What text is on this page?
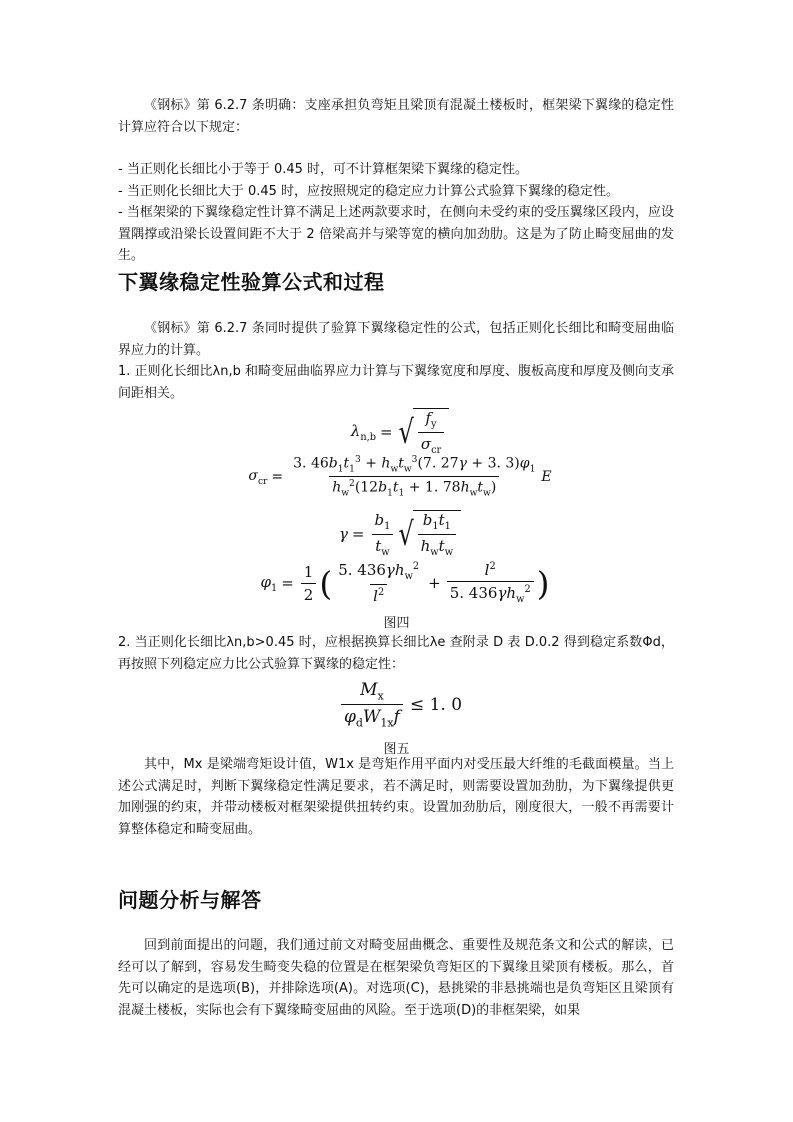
《钢标》第 6.2.7 条明确：支座承担负弯矩且梁顶有混凝土楼板时，框架梁下翼缘的稳定性计算应符合以下规定：

- 当正则化长细比小于等于 0.45 时，可不计算框架梁下翼缘的稳定性。

- 当正则化长细比大于 0.45 时，应按照规定的稳定应力计算公式验算下翼缘的稳定性。

- 当框架梁的下翼缘稳定性计算不满足上述两款要求时，在侧向未受约束的受压翼缘区段内，应设置隅撑或沿梁长设置间距不大于 2 倍梁高并与梁等宽的横向加劲肋。这是为了防止畸变屈曲的发生。

下翼缘稳定性验算公式和过程

《钢标》第 6.2.7 条同时提供了验算下翼缘稳定性的公式，包括正则化长细比和畸变屈曲临界应力的计算。

1. 正则化长细比λn,b 和畸变屈曲临界应力计算与下翼缘宽度和厚度、腹板高度和厚度及侧向支承间距相关。

$\lambda_{n,b}$ = √ $\frac{f_y}{\sigma_{cr}}$
$\sigma_{cr} = \frac{3. 46b_1t_1^3 + h_wt_w^3(7. 27\gamma + 3. 3)\varphi_1}{h_w^2(12b_1t_1 + 1. 78h_wt_w)}$ E
$\gamma = \frac{b_1}{t_w}$ √ $\frac{b_1t_1}{h_wt_w}$
$\varphi_1 = \frac{1}{2}$ ( $\frac{5. 436\gamma h_w^2}{l^2} + \frac{l^2}{5. 436\gamma h_w^2}$ )
图四

2. 当正则化长细比λn,b>0.45 时，应根据换算长细比λe 查附录 D 表 D.0.2 得到稳定系数Φd，再按照下列稳定应力比公式验算下翼缘的稳定性：

$\frac{M_x}{\varphi_dW_{1x}f} \le 1$. 0
图五

其中，Mx 是梁端弯矩设计值，W1x 是弯矩作用平面内对受压最大纤维的毛截面模量。当上述公式满足时，判断下翼缘稳定性满足要求，若不满足时，则需要设置加劲肋，为下翼缘提供更加刚强的约束，并带动楼板对框架梁提供扭转约束。设置加劲肋后，刚度很大，一般不再需要计算整体稳定和畸变屈曲。

问题分析与解答

回到前面提出的问题，我们通过前文对畸变屈曲概念、重要性及规范条文和公式的解读，已经可以了解到，容易发生畸变失稳的位置是在框架梁负弯矩区的下翼缘且梁顶有楼板。那么，首先可以确定的是选项(B)，并排除选项(A)。对选项(C)，悬挑梁的非悬挑端也是负弯矩区且梁顶有混凝土楼板，实际也会有下翼缘畸变屈曲的风险。至于选项(D)的非框架梁，如果
